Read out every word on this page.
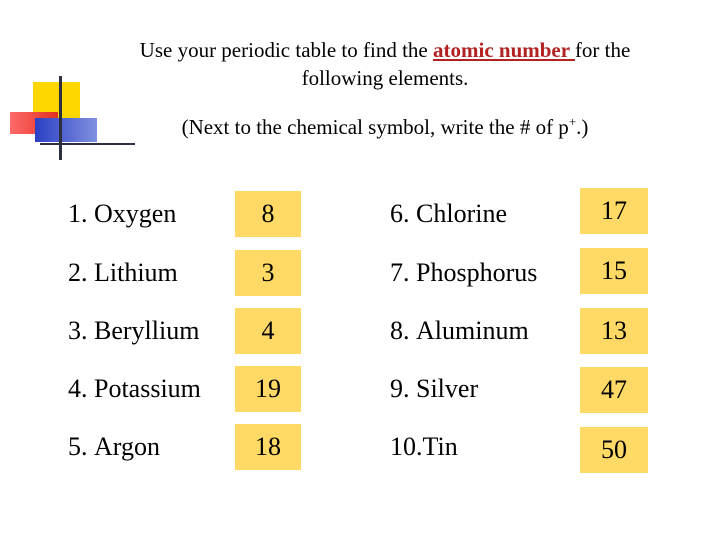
Use your periodic table to find the atomic number for the
following elements.
(Next to the chemical symbol, write the # of p+.)
1. Oxygen	8
2. Lithium	3
3. Beryllium	4
4. Potassium	19
5. Argon	18
6. Chlorine	17
7. Phosphorus	15
8. Aluminum	13
9. Silver	47
10.Tin	50
